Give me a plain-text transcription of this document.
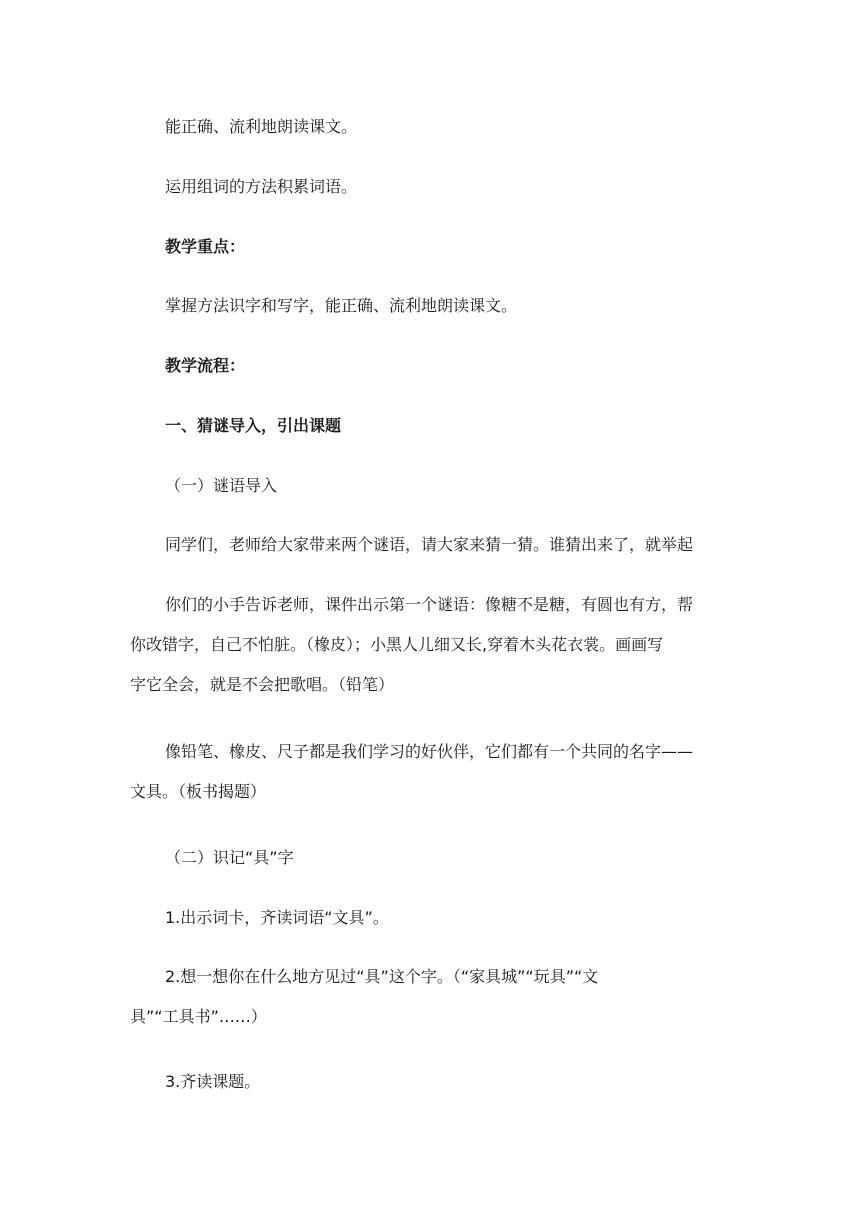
能正确、流利地朗读课文。
运用组词的方法积累词语。
教学重点：
掌握方法识字和写字，能正确、流利地朗读课文。
教学流程：
一、猜谜导入，引出课题
（一）谜语导入
同学们，老师给大家带来两个谜语，请大家来猜一猜。谁猜出来了，就举起
你们的小手告诉老师，课件出示第一个谜语：像糖不是糖，有圆也有方，帮
你改错字，自己不怕脏。（橡皮）；小黑人儿细又长,穿着木头花衣裳。画画写
字它全会，就是不会把歌唱。（铅笔）
像铅笔、橡皮、尺子都是我们学习的好伙伴，它们都有一个共同的名字——
文具。（板书揭题）
（二）识记“具”字
1.出示词卡，齐读词语“文具”。
2.想一想你在什么地方见过“具”这个字。（“家具城”“玩具”“文
具”“工具书”……）
3.齐读课题。
